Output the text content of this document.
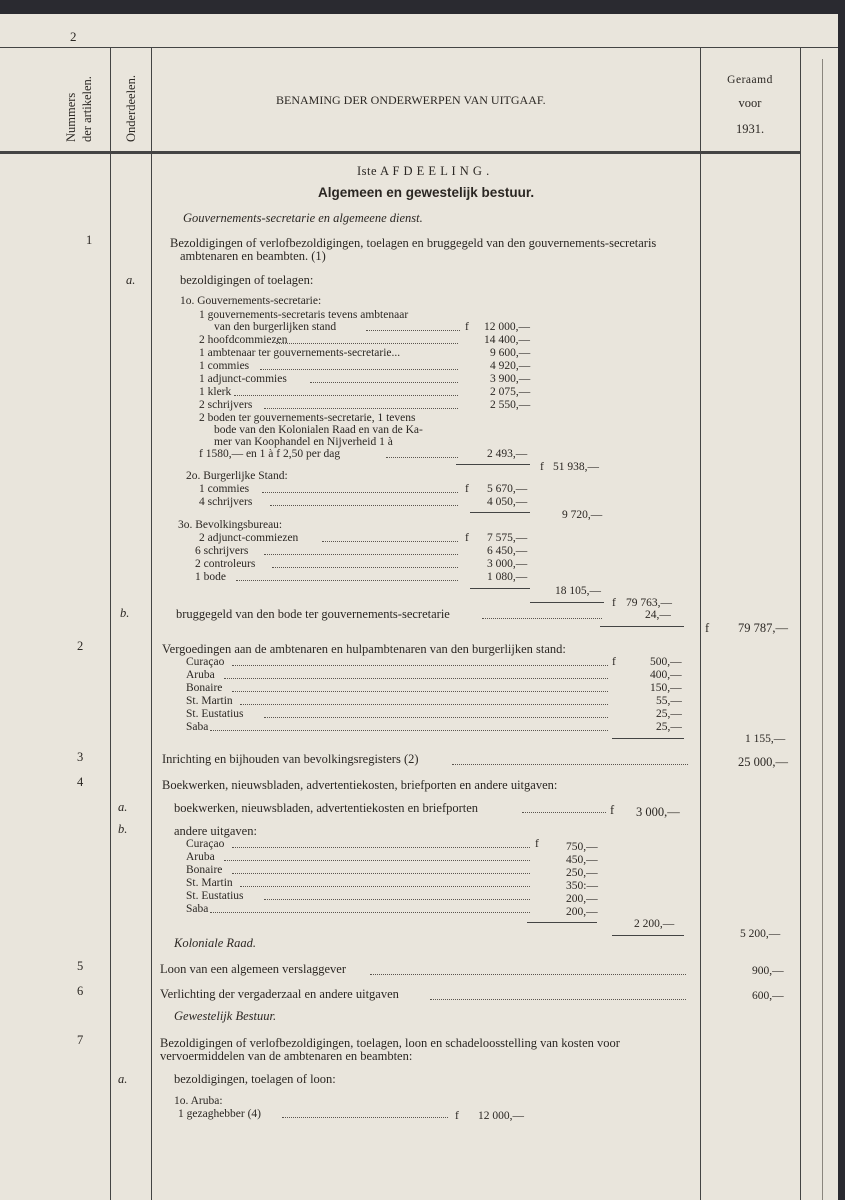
2
Nummers der artikelen. Onderdeelen.	BENAMING DER ONDERWERPEN VAN UITGAAF.
Geraamd
voor
1931.
Iste A F D E E L I N G .
Algemeen en gewestelijk bestuur.
Gouvernements-secretarie en algemeene dienst.
1	Bezoldigingen of verlofbezoldigingen, toelagen en bruggegeld van den gouvernements-secretaris
ambtenaren en beambten. (1)
a.	bezoldigingen of toelagen:
1o. Gouvernements-secretarie:
1 gouvernements-secretaris tevens ambtenaar
van den burgerlijken stand	f 12 000,—
2 hoofdcommiezen	14 400,—
1 ambtenaar ter gouvernements-secretarie...	9 600,—
1 commies	4 920,—
1 adjunct-commies	3 900,—
1 klerk	2 075,—
2 schrijvers	2 550,—
2 boden ter gouvernements-secretarie, 1 tevens
bode van den Kolonialen Raad en van de Ka-
mer van Koophandel en Nijverheid 1 à
f 1580,— en 1 à f 2,50 per dag	2 493,—
f 51 938,—
2o. Burgerlijke Stand:
1 commies	f 5 670,—
4 schrijvers	4 050,—
9 720,—
3o. Bevolkingsbureau:
2 adjunct-commiezen	f 7 575,—
6 schrijvers	6 450,—
2 controleurs	3 000,—
1 bode	1 080,—
18 105,—
f 79 763,—
b.	bruggegeld van den bode ter gouvernements-secretarie	24,—
f 79 787,—
2	Vergoedingen aan de ambtenaren en hulpambtenaren van den burgerlijken stand:
Curaçao	f	500,—
Aruba	400,—
Bonaire	150,—
St. Martin	55,—
St. Eustatius	25,—
Saba	25,—
1 155,—
3	Inrichting en bijhouden van bevolkingsregisters (2)	25 000,—
4	Boekwerken, nieuwsbladen, advertentiekosten, briefporten en andere uitgaven:
a.	boekwerken, nieuwsbladen, advertentiekosten en briefporten	f 3 000,—
b.	andere uitgaven:
Curaçao	f 750,—
Aruba	450,—
Bonaire	250,—
St. Martin	350:—
St. Eustatius	200,—
Saba	200,—
2 200,—
Koloniale Raad.
5 200,—
5	Loon van een algemeen verslaggever	900,—
6	Verlichting der vergaderzaal en andere uitgaven	600,—
Gewestelijk Bestuur.
7	Bezoldigingen of verlofbezoldigingen, toelagen, loon en schadeloosstelling van kosten voor
vervoermiddelen van de ambtenaren en beambten:
a.	bezoldigingen, toelagen of loon:
1o. Aruba:
1 gezaghebber (4)	f 12 000,—
